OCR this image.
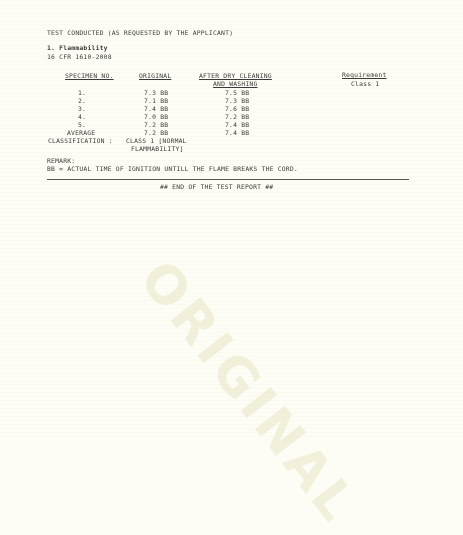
ORIGINAL
TEST CONDUCTED (AS REQUESTED BY THE APPLICANT)
1. Flammability
16 CFR 1610-2008
SPECIMEN NO.	ORIGINAL	AFTER DRY CLEANING
AND WASHING
Requirement
Class 1
1.	7.3 BB	7.5 BB
2.	7.1 BB	7.3 BB
3.	7.4 BB	7.6 BB
4.	7.0 BB	7.2 BB
5.	7.2 BB	7.4 BB
AVERAGE	7.2 BB	7.4 BB
CLASSIFICATION : CLASS 1 [NORMAL
FLAMMABILITY]
REMARK:
BB = ACTUAL TIME OF IGNITION UNTILL THE FLAME BREAKS THE CORD.
## END OF THE TEST REPORT ##
